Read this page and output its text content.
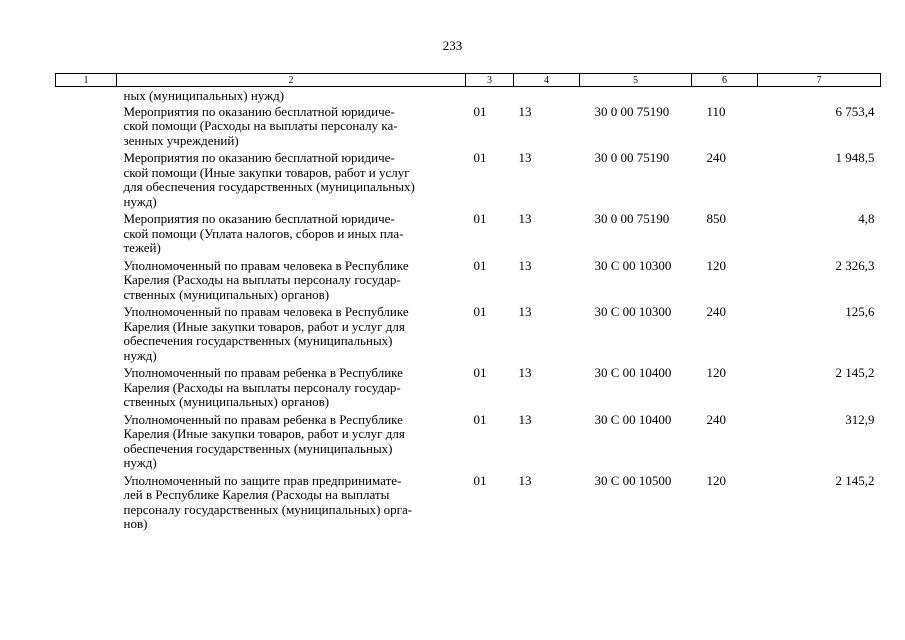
233
1	2	3	4	5	6	7
	ных (муниципальных) нужд)					

	Мероприятия по оказанию бесплатной юридиче-
ской помощи (Расходы на выплаты персоналу ка-
зенных учреждений)	01	13	30 0 00 75190	110	6 753,4

	Мероприятия по оказанию бесплатной юридиче-
ской помощи (Иные закупки товаров, работ и услуг
для обеспечения государственных (муниципальных)
нужд)	01	13	30 0 00 75190	240	1 948,5

	Мероприятия по оказанию бесплатной юридиче-
ской помощи (Уплата налогов, сборов и иных пла-
тежей)	01	13	30 0 00 75190	850	4,8

	Уполномоченный по правам человека в Республике
Карелия (Расходы на выплаты персоналу государ-
ственных (муниципальных) органов)	01	13	30 С 00 10300	120	2 326,3

	Уполномоченный по правам человека в Республике
Карелия (Иные закупки товаров, работ и услуг для
обеспечения государственных (муниципальных)
нужд)	01	13	30 С 00 10300	240	125,6

	Уполномоченный по правам ребенка в Республике
Карелия (Расходы на выплаты персоналу государ-
ственных (муниципальных) органов)	01	13	30 С 00 10400	120	2 145,2

	Уполномоченный по правам ребенка в Республике
Карелия (Иные закупки товаров, работ и услуг для
обеспечения государственных (муниципальных)
нужд)	01	13	30 С 00 10400	240	312,9

	Уполномоченный по защите прав предпринимате-
лей в Республике Карелия (Расходы на выплаты
персоналу государственных (муниципальных) орга-
нов)	01	13	30 С 00 10500	120	2 145,2
